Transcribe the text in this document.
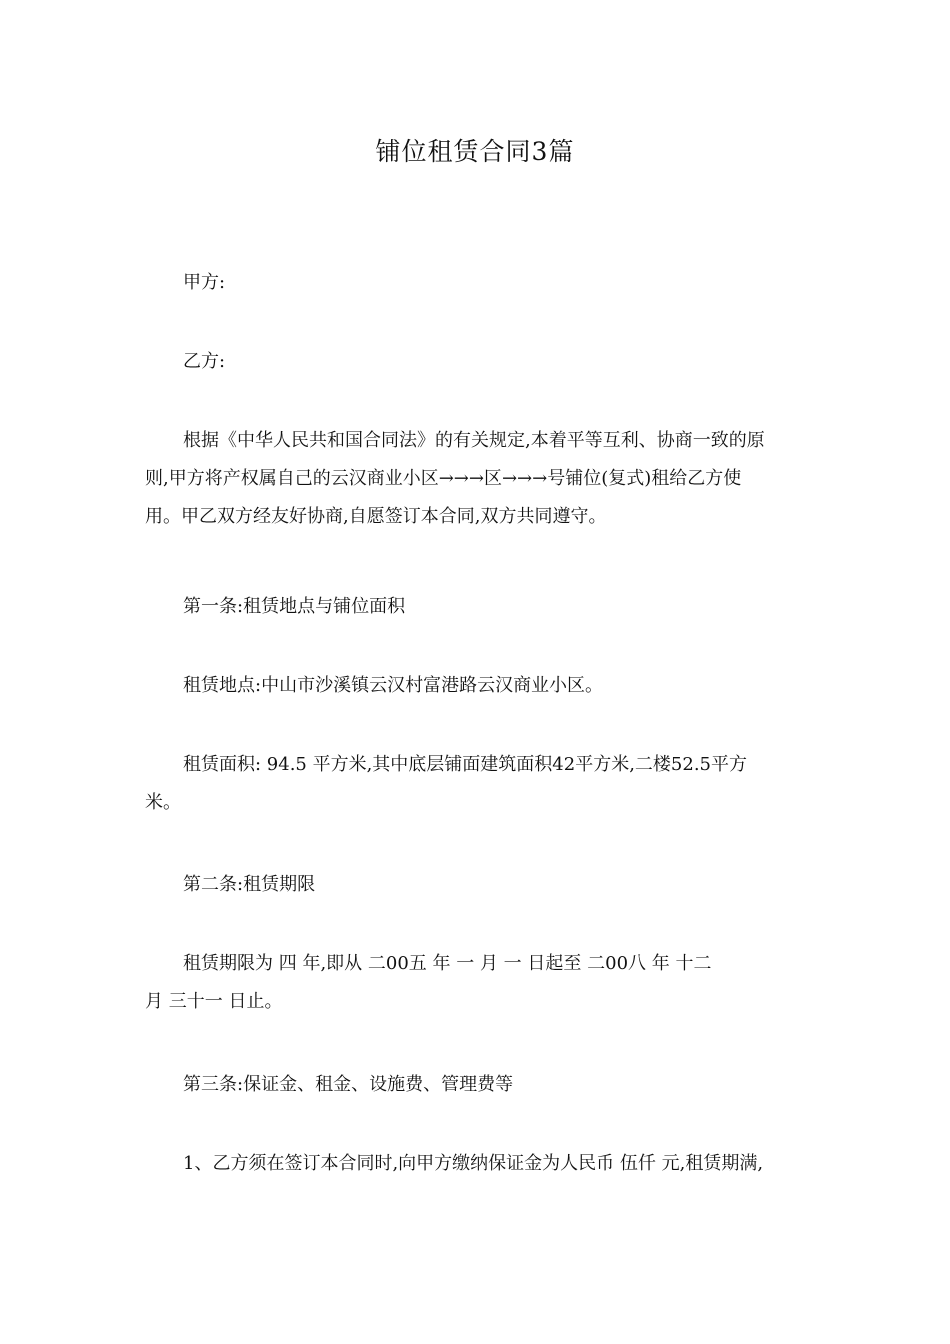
铺位租赁合同3篇

甲方:

乙方:

根据《中华人民共和国合同法》的有关规定,本着平等互利、协商一致的原
则,甲方将产权属自己的云汉商业小区→→→区→→→号铺位(复式)租给乙方使
用。甲乙双方经友好协商,自愿签订本合同,双方共同遵守。

第一条:租赁地点与铺位面积

租赁地点:中山市沙溪镇云汉村富港路云汉商业小区。

租赁面积: 94.5 平方米,其中底层铺面建筑面积42平方米,二楼52.5平方
米。

第二条:租赁期限

租赁期限为 四 年,即从 二00五 年 一 月 一 日起至 二00八 年 十二
月 三十一 日止。

第三条:保证金、租金、设施费、管理费等

1、乙方须在签订本合同时,向甲方缴纳保证金为人民币 伍仟 元,租赁期满,
